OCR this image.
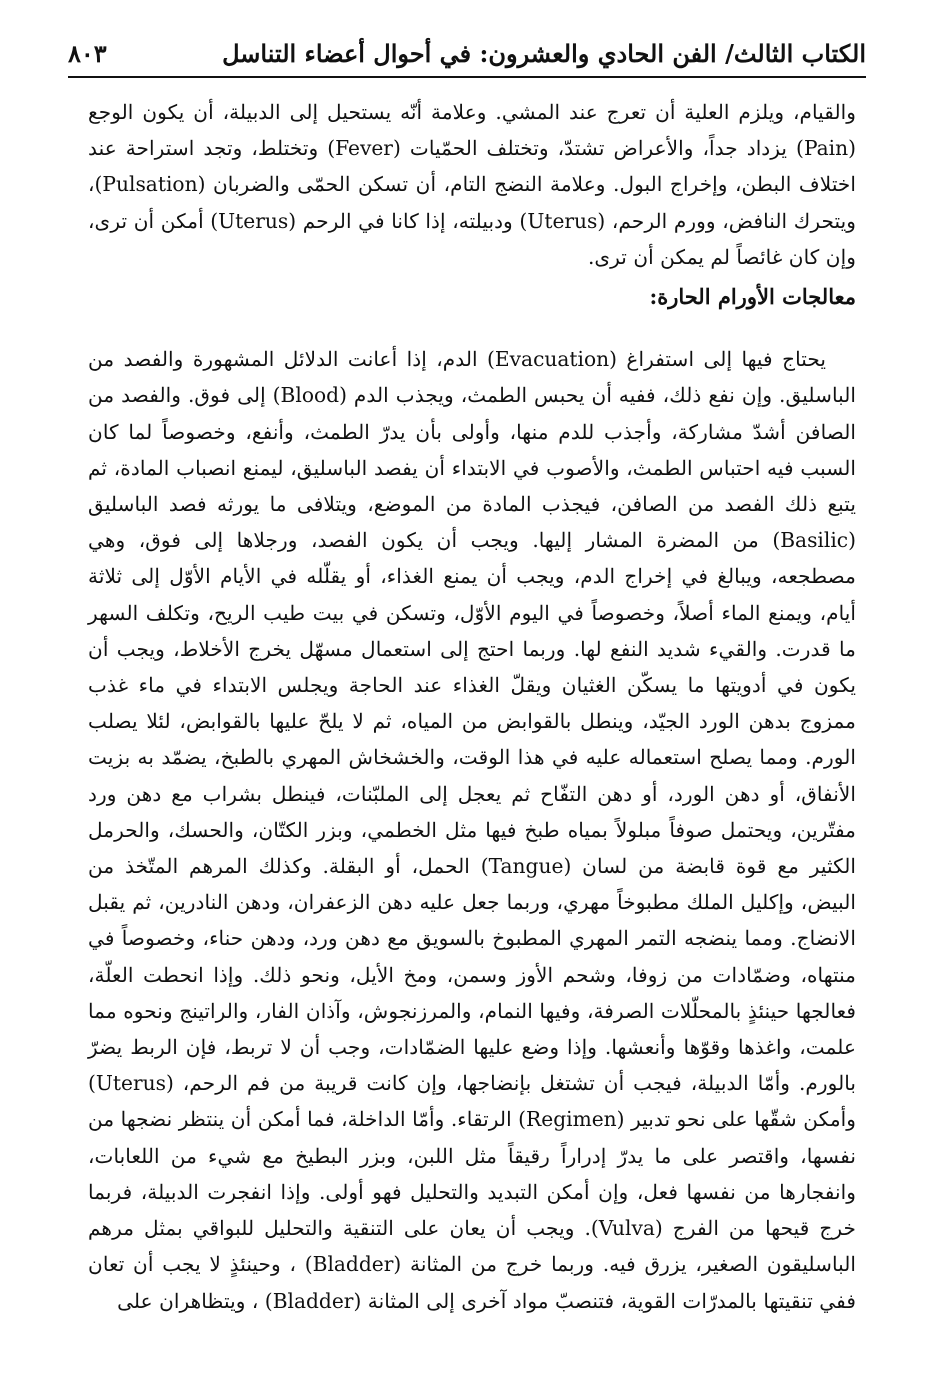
الكتاب الثالث/ الفن الحادي والعشرون: في أحوال أعضاء التناسل
٨٠٣

والقيام، ويلزم العلية أن تعرج عند المشي. وعلامة أنّه يستحيل إلى الدبيلة، أن يكون الوجع (Pain) يزداد جداً، والأعراض تشتدّ، وتختلف الحمّيات (Fever) وتختلط، وتجد استراحة عند اختلاف البطن، وإخراج البول. وعلامة النضج التام، أن تسكن الحمّى والضربان (Pulsation)، ويتحرك النافض، وورم الرحم، (Uterus) ودبيلته، إذا كانا في الرحم (Uterus) أمكن أن ترى، وإن كان غائصاً لم يمكن أن ترى.

معالجات الأورام الحارة:

يحتاج فيها إلى استفراغ (Evacuation) الدم، إذا أعانت الدلائل المشهورة والفصد من الباسليق. وإن نفع ذلك، ففيه أن يحبس الطمث، ويجذب الدم (Blood) إلى فوق. والفصد من الصافن أشدّ مشاركة، وأجذب للدم منها، وأولى بأن يدرّ الطمث، وأنفع، وخصوصاً لما كان السبب فيه احتباس الطمث، والأصوب في الابتداء أن يفصد الباسليق، ليمنع انصباب المادة، ثم يتبع ذلك الفصد من الصافن، فيجذب المادة من الموضع، ويتلافى ما يورثه فصد الباسليق (Basilic) من المضرة المشار إليها. ويجب أن يكون الفصد، ورجلاها إلى فوق، وهي مصطجعه، ويبالغ في إخراج الدم، ويجب أن يمنع الغذاء، أو يقلّله في الأيام الأوّل إلى ثلاثة أيام، ويمنع الماء أصلاً، وخصوصاً في اليوم الأوّل، وتسكن في بيت طيب الريح، وتكلف السهر ما قدرت. والقيء شديد النفع لها. وربما احتج إلى استعمال مسهّل يخرج الأخلاط، ويجب أن يكون في أدويتها ما يسكّن الغثيان ويقلّ الغذاء عند الحاجة ويجلس الابتداء في ماء غذب ممزوج بدهن الورد الجيّد، وينطل بالقوابض من المياه، ثم لا يلحّ عليها بالقوابض، لئلا يصلب الورم. ومما يصلح استعماله عليه في هذا الوقت، والخشخاش المهري بالطبخ، يضمّد به بزيت الأنفاق، أو دهن الورد، أو دهن التفّاح ثم يعجل إلى الملبّنات، فينطل بشراب مع دهن ورد مفتّرين، ويحتمل صوفاً مبلولاً بمياه طبخ فيها مثل الخطمي، وبزر الكتّان، والحسك، والحرمل الكثير مع قوة قابضة من لسان (Tangue) الحمل، أو البقلة. وكذلك المرهم المتّخذ من البيض، وإكليل الملك مطبوخاً مهري، وربما جعل عليه دهن الزعفران، ودهن النادرين، ثم يقبل الانضاج. ومما ينضجه التمر المهري المطبوخ بالسويق مع دهن ورد، ودهن حناء، وخصوصاً في منتهاه، وضمّادات من زوفا، وشحم الأوز وسمن، ومخ الأيل، ونحو ذلك. وإذا انحطت العلّة، فعالجها حينئذٍ بالمحلّلات الصرفة، وفيها النمام، والمرزنجوش، وآذان الفار، والراتينج ونحوه مما علمت، واغذها وقوّها وأنعشها. وإذا وضع عليها الضمّادات، وجب أن لا تربط، فإن الربط يضرّ بالورم. وأمّا الدبيلة، فيجب أن تشتغل بإنضاجها، وإن كانت قريبة من فم الرحم، (Uterus) وأمكن شقّها على نحو تدبير (Regimen) الرتقاء. وأمّا الداخلة، فما أمكن أن ينتظر نضجها من نفسها، واقتصر على ما يدرّ إدراراً رقيقاً مثل اللبن، وبزر البطيخ مع شيء من اللعابات، وانفجارها من نفسها فعل، وإن أمكن التبديد والتحليل فهو أولى. وإذا انفجرت الدبيلة، فربما خرج قيحها من الفرج (Vulva). ويجب أن يعان على التنقية والتحليل للبواقي بمثل مرهم الباسليقون الصغير، يزرق فيه. وربما خرج من المثانة (Bladder) ، وحينئذٍ لا يجب أن تعان ففي تنقيتها بالمدرّات القوية، فتنصبّ مواد آخرى إلى المثانة (Bladder) ، ويتظاهران على
